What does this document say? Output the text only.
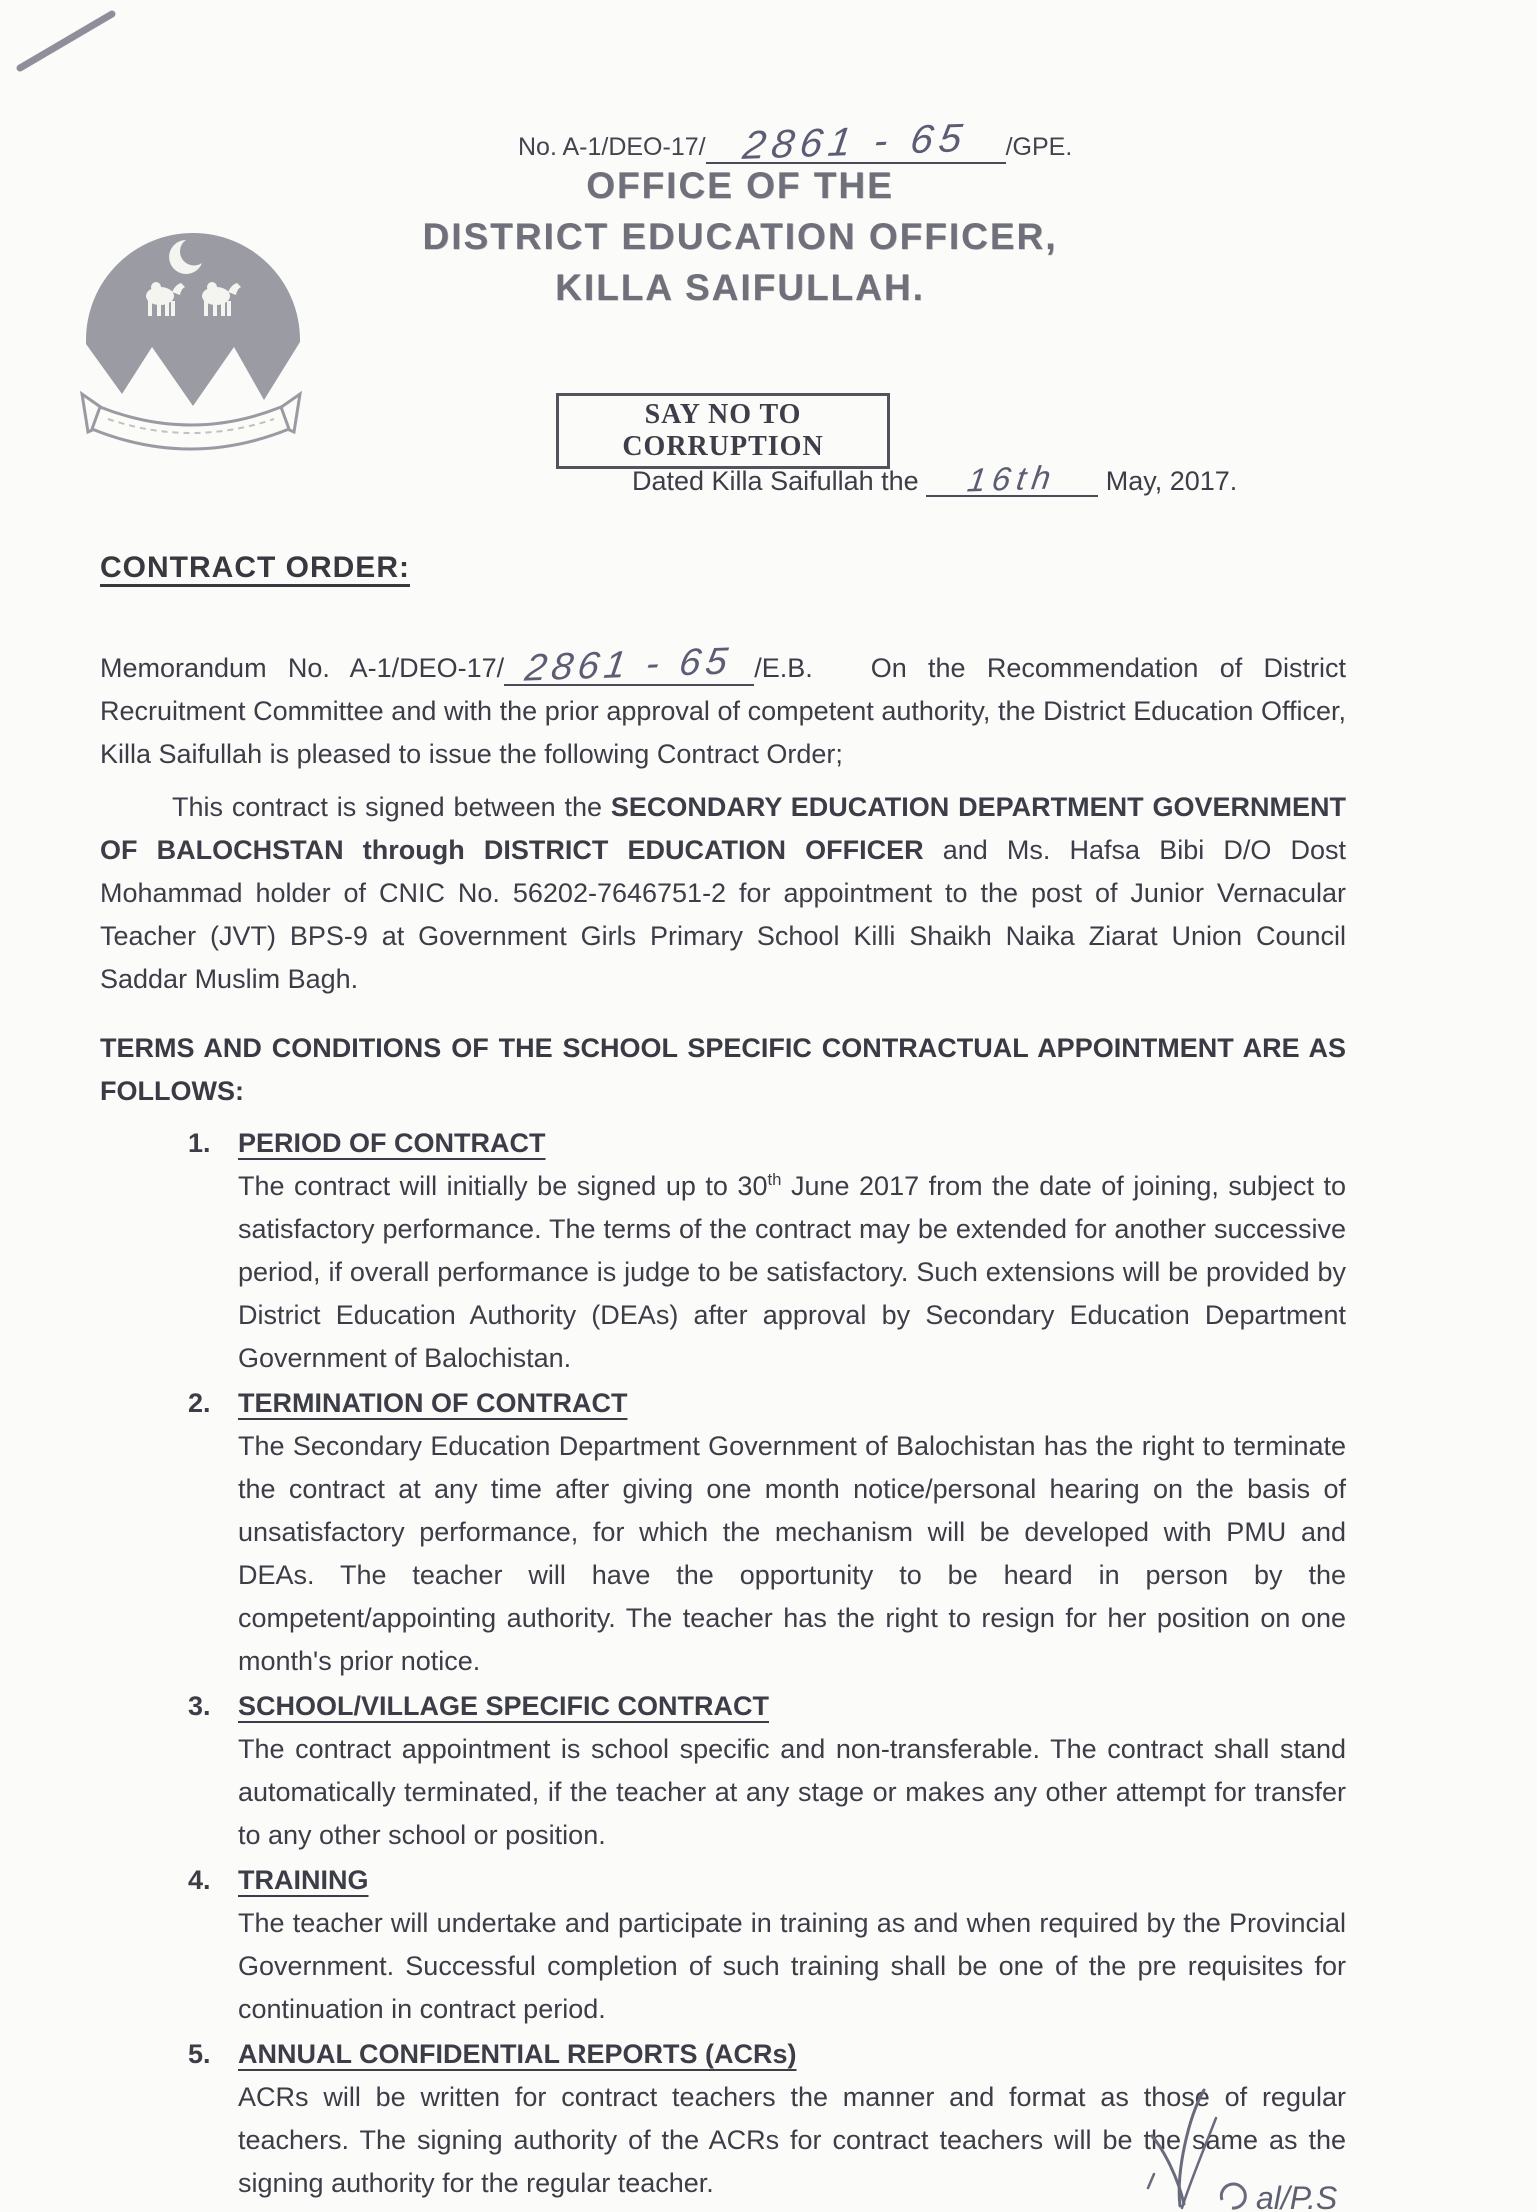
No. A-1/DEO-17/ 2861 - 65 /GPE.
OFFICE OF THE
DISTRICT EDUCATION OFFICER,
KILLA SAIFULLAH.
SAY NO TO CORRUPTION
Dated Killa Saifullah the 16th May, 2017.
CONTRACT ORDER:

Memorandum No. A-1/DEO-17/ 2861 - 65 /E.B. On the Recommendation of District Recruitment Committee and with the prior approval of competent authority, the District Education Officer, Killa Saifullah is pleased to issue the following Contract Order;

This contract is signed between the SECONDARY EDUCATION DEPARTMENT GOVERNMENT OF BALOCHSTAN through DISTRICT EDUCATION OFFICER and Ms. Hafsa Bibi D/O Dost Mohammad holder of CNIC No. 56202-7646751-2 for appointment to the post of Junior Vernacular Teacher (JVT) BPS-9 at Government Girls Primary School Killi Shaikh Naika Ziarat Union Council Saddar Muslim Bagh.

TERMS AND CONDITIONS OF THE SCHOOL SPECIFIC CONTRACTUAL APPOINTMENT ARE AS FOLLOWS:

1.	PERIOD OF CONTRACT
The contract will initially be signed up to 30th June 2017 from the date of joining, subject to satisfactory performance. The terms of the contract may be extended for another successive period, if overall performance is judge to be satisfactory. Such extensions will be provided by District Education Authority (DEAs) after approval by Secondary Education Department Government of Balochistan.
2.	TERMINATION OF CONTRACT
The Secondary Education Department Government of Balochistan has the right to terminate the contract at any time after giving one month notice/personal hearing on the basis of unsatisfactory performance, for which the mechanism will be developed with PMU and DEAs. The teacher will have the opportunity to be heard in person by the competent/appointing authority. The teacher has the right to resign for her position on one month's prior notice.
3.	SCHOOL/VILLAGE SPECIFIC CONTRACT
The contract appointment is school specific and non-transferable. The contract shall stand automatically terminated, if the teacher at any stage or makes any other attempt for transfer to any other school or position.
4.	TRAINING
The teacher will undertake and participate in training as and when required by the Provincial Government. Successful completion of such training shall be one of the pre requisites for continuation in contract period.
5.	ANNUAL CONFIDENTIAL REPORTS (ACRs)
ACRs will be written for contract teachers the manner and format as those of regular teachers. The signing authority of the ACRs for contract teachers will be the same as the signing authority for the regular teacher.	al/P.S
